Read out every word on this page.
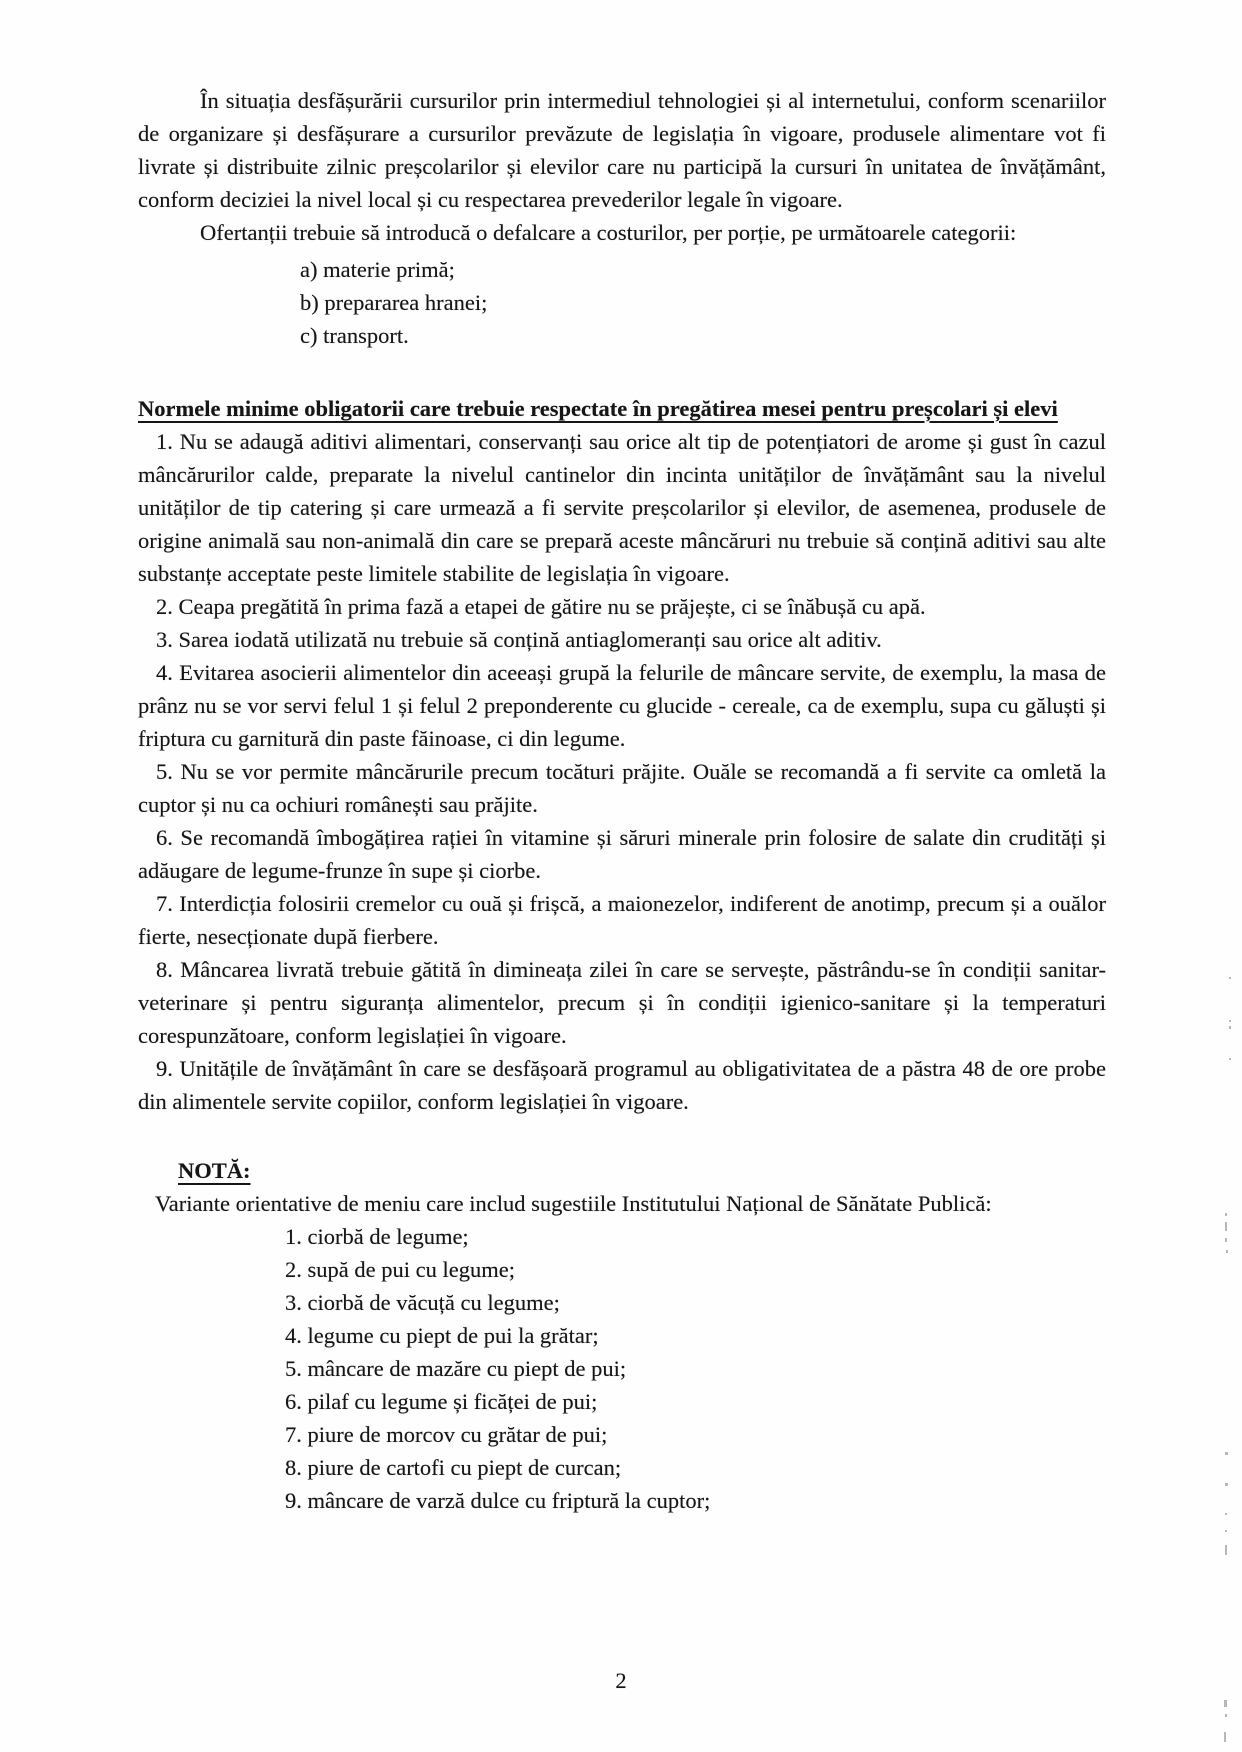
În situația desfășurării cursurilor prin intermediul tehnologiei și al internetului, conform scenariilor de organizare și desfășurare a cursurilor prevăzute de legislația în vigoare, produsele alimentare vot fi livrate și distribuite zilnic preșcolarilor și elevilor care nu participă la cursuri în unitatea de învățământ, conform deciziei la nivel local și cu respectarea prevederilor legale în vigoare.

Ofertanții trebuie să introducă o defalcare a costurilor, per porție, pe următoarele categorii:

a) materie primă;

b) prepararea hranei;

c) transport.

Normele minime obligatorii care trebuie respectate în pregătirea mesei pentru preșcolari și elevi

1. Nu se adaugă aditivi alimentari, conservanți sau orice alt tip de potențiatori de arome și gust în cazul mâncărurilor calde, preparate la nivelul cantinelor din incinta unităților de învățământ sau la nivelul unităților de tip catering și care urmează a fi servite preșcolarilor și elevilor, de asemenea, produsele de origine animală sau non-animală din care se prepară aceste mâncăruri nu trebuie să conțină aditivi sau alte substanțe acceptate peste limitele stabilite de legislația în vigoare.

2. Ceapa pregătită în prima fază a etapei de gătire nu se prăjește, ci se înăbușă cu apă.

3. Sarea iodată utilizată nu trebuie să conțină antiaglomeranți sau orice alt aditiv.

4. Evitarea asocierii alimentelor din aceeași grupă la felurile de mâncare servite, de exemplu, la masa de prânz nu se vor servi felul 1 și felul 2 preponderente cu glucide - cereale, ca de exemplu, supa cu găluști și friptura cu garnitură din paste făinoase, ci din legume.

5. Nu se vor permite mâncărurile precum tocături prăjite. Ouăle se recomandă a fi servite ca omletă la cuptor și nu ca ochiuri românești sau prăjite.

6. Se recomandă îmbogățirea rației în vitamine și săruri minerale prin folosire de salate din crudități și adăugare de legume-frunze în supe și ciorbe.

7. Interdicția folosirii cremelor cu ouă și frișcă, a maionezelor, indiferent de anotimp, precum și a ouălor fierte, nesecționate după fierbere.

8. Mâncarea livrată trebuie gătită în dimineața zilei în care se servește, păstrându-se în condiții sanitar-veterinare și pentru siguranța alimentelor, precum și în condiții igienico-sanitare și la temperaturi corespunzătoare, conform legislației în vigoare.

9. Unitățile de învățământ în care se desfășoară programul au obligativitatea de a păstra 48 de ore probe din alimentele servite copiilor, conform legislației în vigoare.

NOTĂ:

Variante orientative de meniu care includ sugestiile Institutului Național de Sănătate Publică:

1. ciorbă de legume;

2. supă de pui cu legume;

3. ciorbă de văcuță cu legume;

4. legume cu piept de pui la grătar;

5. mâncare de mazăre cu piept de pui;

6. pilaf cu legume și ficăței de pui;

7. piure de morcov cu grătar de pui;

8. piure de cartofi cu piept de curcan;

9. mâncare de varză dulce cu friptură la cuptor;

2
